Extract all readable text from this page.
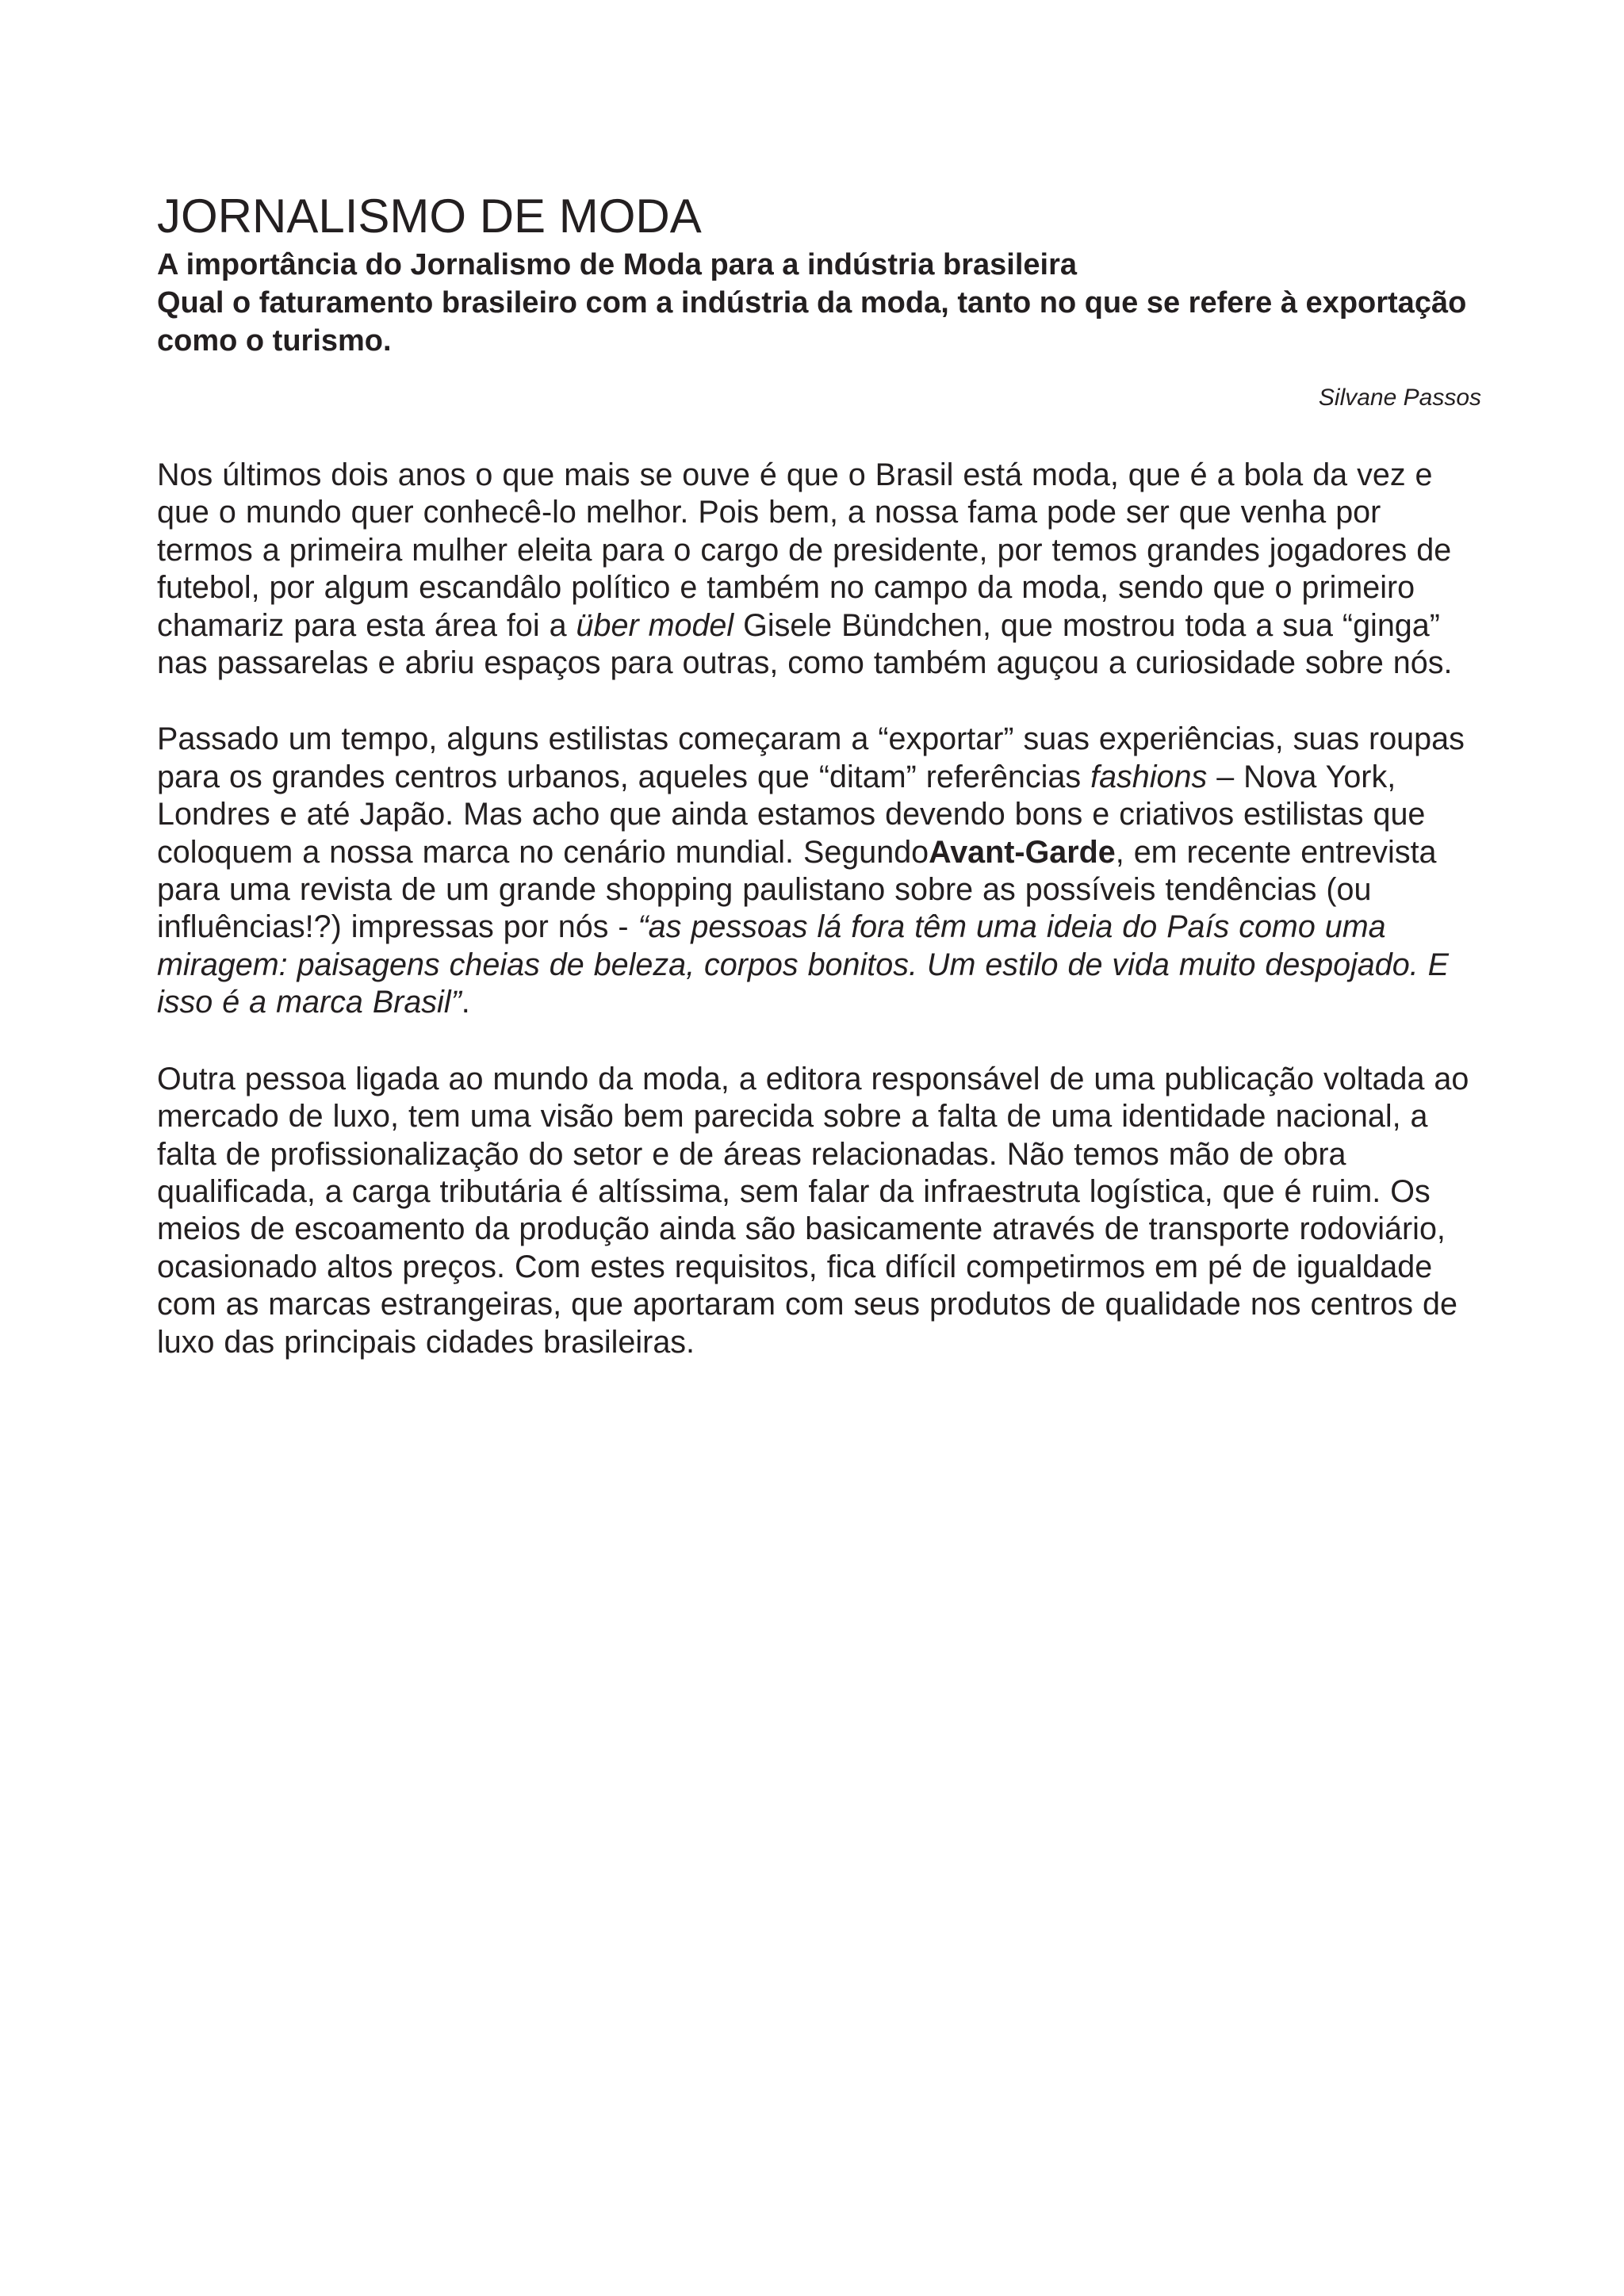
JORNALISMO DE MODA

A importância do Jornalismo de Moda para a indústria brasileira

Qual o faturamento brasileiro com a indústria da moda, tanto no que se refere à exportação como o turismo.

Silvane Passos

Nos últimos dois anos o que mais se ouve é que o Brasil está moda, que é a bola da vez e que o mundo quer conhecê-lo melhor. Pois bem, a nossa fama pode ser que venha por termos a primeira mulher eleita para o cargo de presidente, por temos grandes jogadores de futebol, por algum escandâlo político e também no campo da moda, sendo que o primeiro chamariz para esta área foi a über model Gisele Bündchen, que mostrou toda a sua “ginga” nas passarelas e abriu espaços para outras, como também aguçou a curiosidade sobre nós.

Passado um tempo, alguns estilistas começaram a “exportar” suas experiências, suas roupas para os grandes centros urbanos, aqueles que “ditam” referências fashions – Nova York, Londres e até Japão. Mas acho que ainda estamos devendo bons e criativos estilistas que coloquem a nossa marca no cenário mundial. SegundoAvant-Garde, em recente entrevista para uma revista de um grande shopping paulistano sobre as possíveis tendências (ou influências!?) impressas por nós - “as pessoas lá fora têm uma ideia do País como uma miragem: paisagens cheias de beleza, corpos bonitos. Um estilo de vida muito despojado. E isso é a marca Brasil”.

Outra pessoa ligada ao mundo da moda, a editora responsável de uma publicação voltada ao mercado de luxo, tem uma visão bem parecida sobre a falta de uma identidade nacional, a falta de profissionalização do setor e de áreas relacionadas. Não temos mão de obra qualificada, a carga tributária é altíssima, sem falar da infraestruta logística, que é ruim. Os meios de escoamento da produção ainda são basicamente através de transporte rodoviário, ocasionado altos preços. Com estes requisitos, fica difícil competirmos em pé de igualdade com as marcas estrangeiras, que aportaram com seus produtos de qualidade nos centros de luxo das principais cidades brasileiras.
